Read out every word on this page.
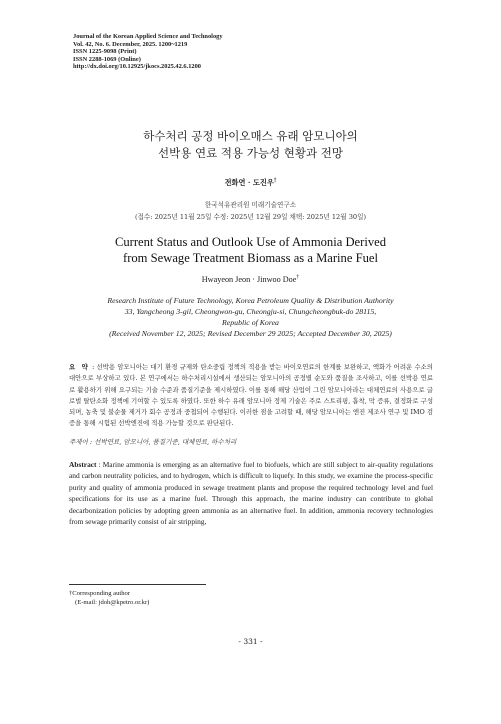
Journal of the Korean Applied Science and Technology
Vol. 42, No. 6. December, 2025. 1200~1219
ISSN 1225-9098 (Print)
ISSN 2288-1069 (Online)
http://dx.doi.org/10.12925/jkocs.2025.42.6.1200
하수처리 공정 바이오매스 유래 암모니아의
선박용 연료 적용 가능성 현황과 전망
전화연 · 도진우†
한국석유관리원 미래기술연구소
(접수: 2025년 11월 25일 수정: 2025년 12월 29일 채택: 2025년 12월 30일)
Current Status and Outlook Use of Ammonia Derived
from Sewage Treatment Biomass as a Marine Fuel
Hwayeon Jeon · Jinwoo Doe†
Research Institute of Future Technology, Korea Petroleum Quality & Distribution Authority
33, Yangcheong 3-gil, Cheongwon-gu, Cheongju-si, Chungcheongbuk-do 28115,
Republic of Korea
(Received November 12, 2025; Revised December 29 2025; Accepted December 30, 2025)
요 약 : 선박용 암모니아는 대기 환경 규제와 탄소중립 정책의 적용을 받는 바이오연료의 한계를 보완하고, 액화가 어려운 수소의 대안으로 부상하고 있다. 본 연구에서는 하수처리시설에서 생산되는 암모니아의 공정별 순도와 품질을 조사하고, 이를 선박용 연료로 활용하기 위해 요구되는 기술 수준과 품질기준을 제시하였다. 이를 통해 해당 산업이 그린 암모니아라는 대체연료의 사용으로 글로벌 탈탄소화 정책에 기여할 수 있도록 하였다. 또한 하수 유래 암모니아 정제 기술은 주로 스트리핑, 흡착, 막 증류, 결정화로 구성되며, 농축 및 불순물 제거가 회수 공정과 중첩되어 수행된다. 이러한 점을 고려할 때, 해당 암모니아는 엔진 제조사 연구 및 IMO 검증을 통해 시험된 선박엔진에 적용 가능할 것으로 판단된다.
주제어 : 선박연료, 암모니아, 품질기준, 대체연료, 하수처리
Abstract : Marine ammonia is emerging as an alternative fuel to biofuels, which are still subject to air-quality regulations and carbon neutrality policies, and to hydrogen, which is difficult to liquefy. In this study, we examine the process-specific purity and quality of ammonia produced in sewage treatment plants and propose the required technology level and fuel specifications for its use as a marine fuel. Through this approach, the marine industry can contribute to global decarbonization policies by adopting green ammonia as an alternative fuel. In addition, ammonia recovery technologies from sewage primarily consist of air stripping,
†Corresponding author
(E-mail: jdoh@kpetro.or.kr)
- 331 -
